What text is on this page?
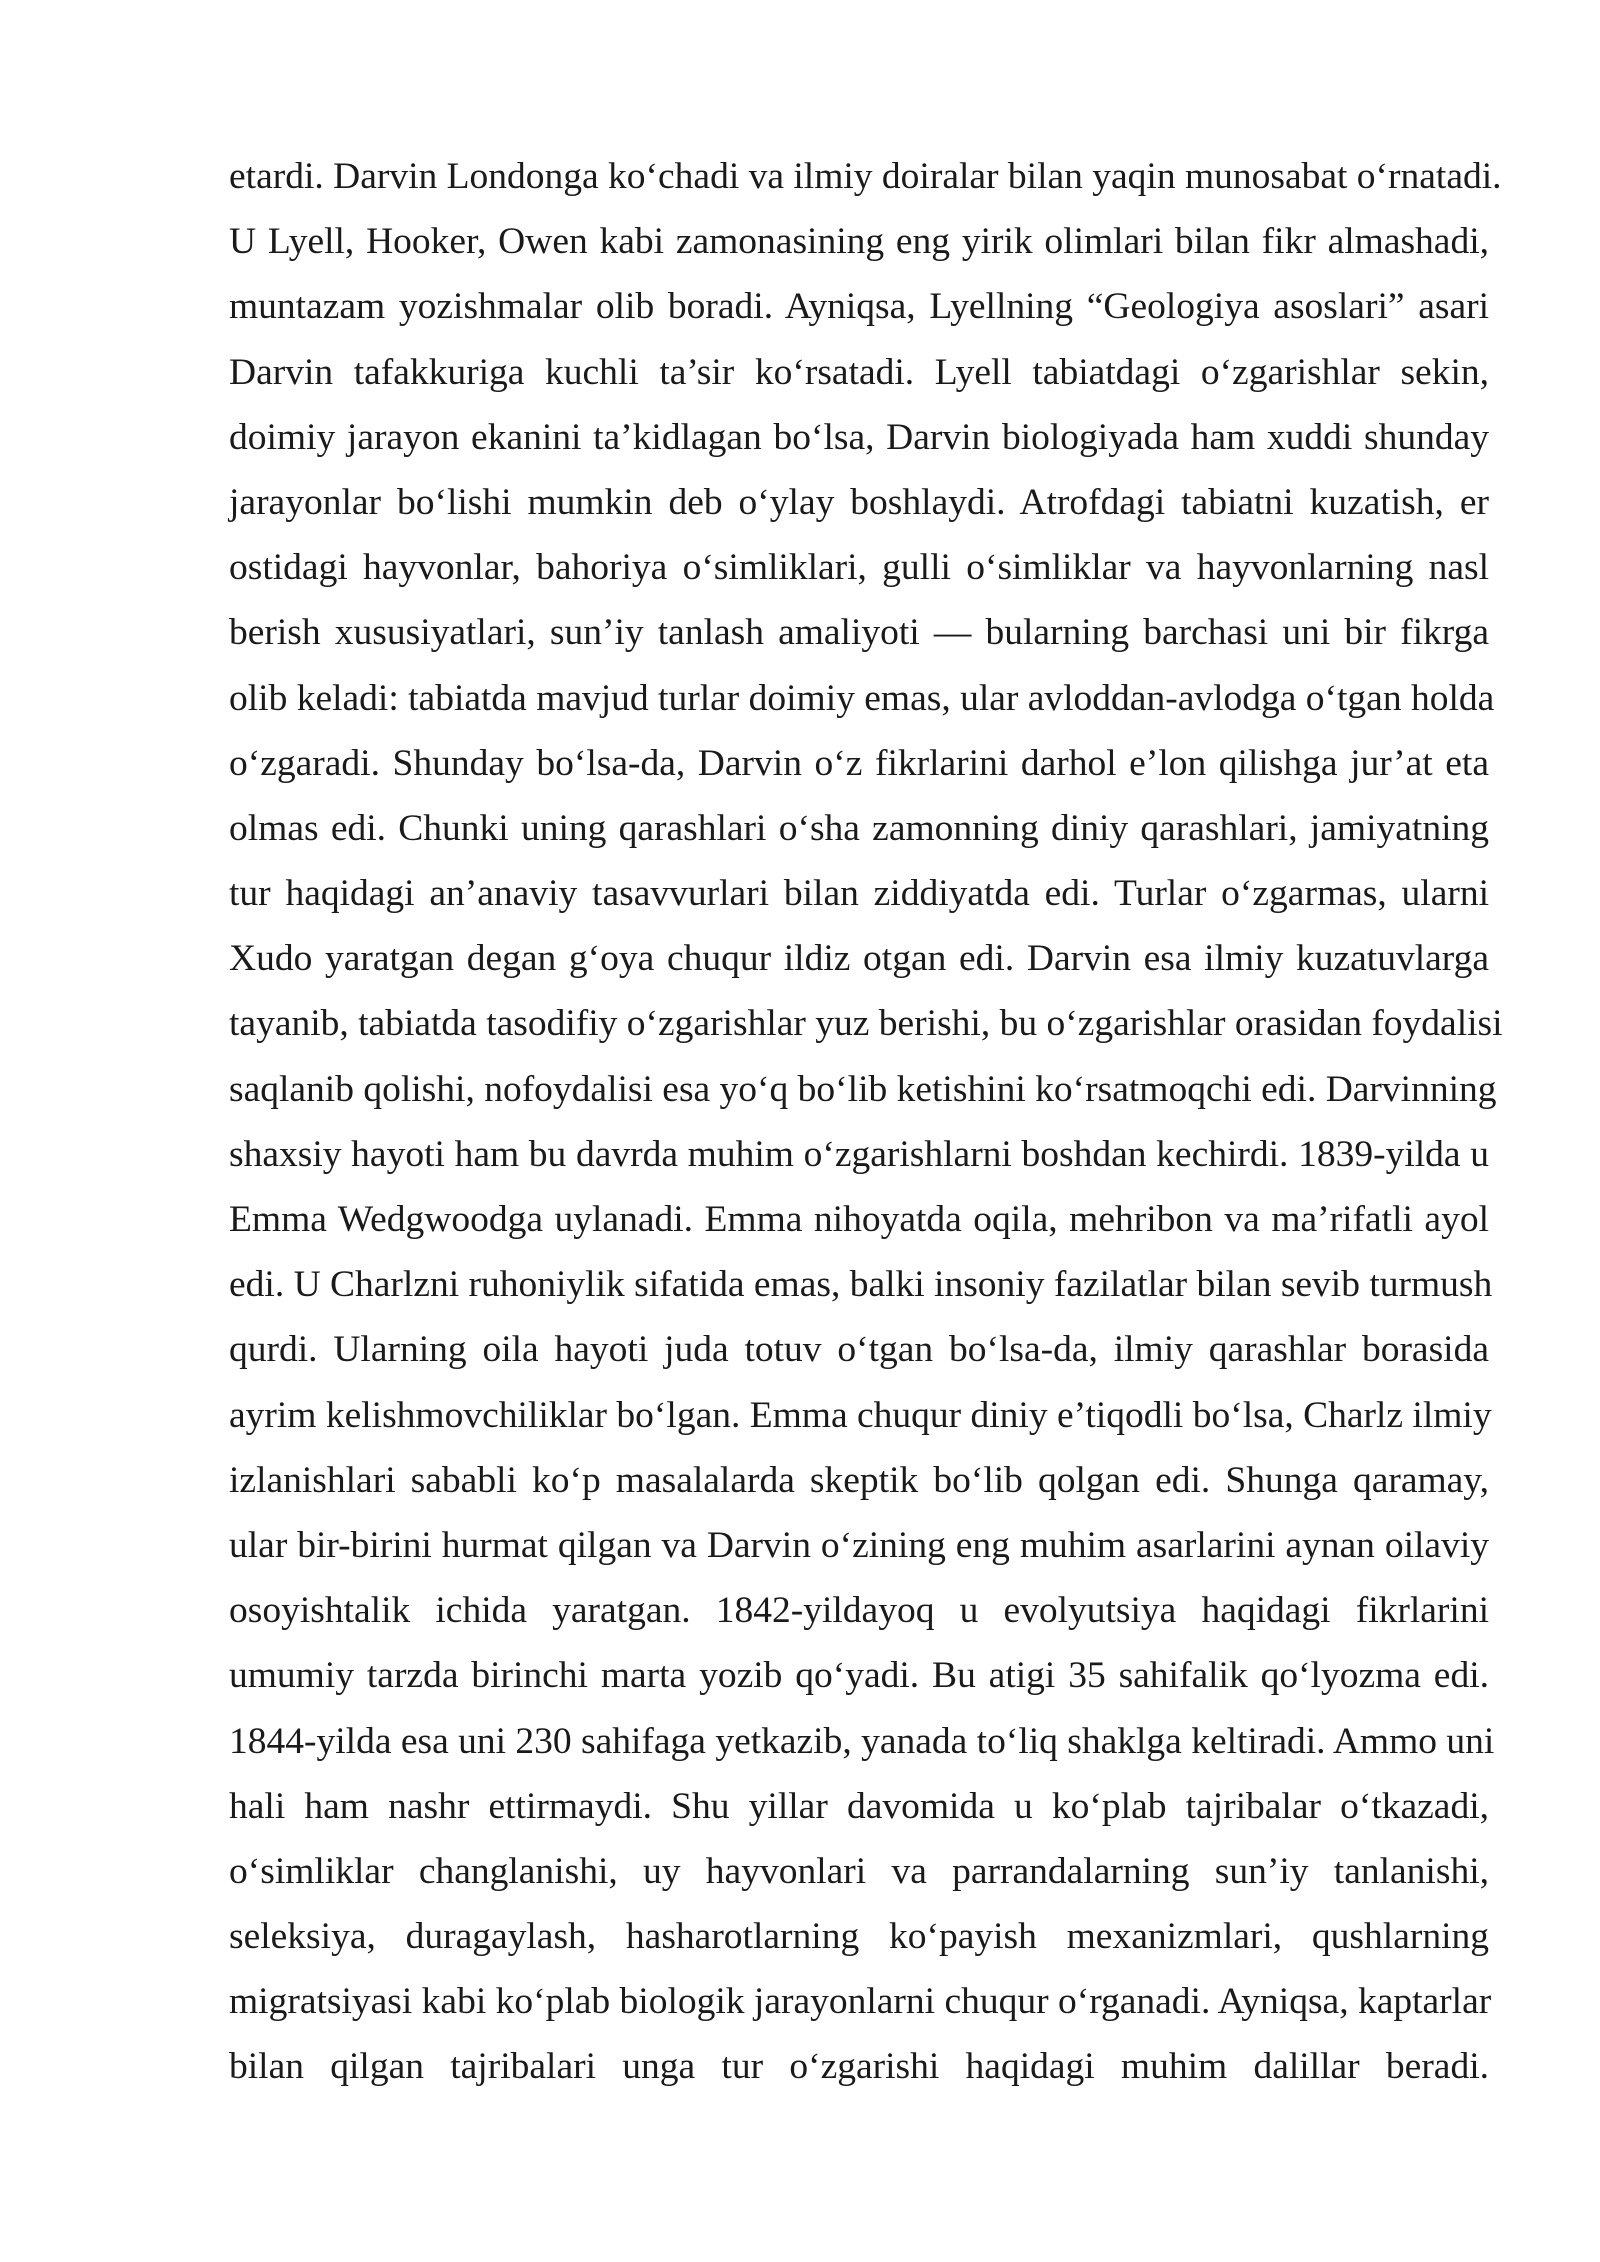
etardi. Darvin Londonga ko‘chadi va ilmiy doiralar bilan yaqin munosabat o‘rnatadi.
U Lyell, Hooker, Owen kabi zamonasining eng yirik olimlari bilan fikr almashadi,
muntazam yozishmalar olib boradi. Ayniqsa, Lyellning “Geologiya asoslari” asari
Darvin tafakkuriga kuchli ta’sir ko‘rsatadi. Lyell tabiatdagi o‘zgarishlar sekin,
doimiy jarayon ekanini ta’kidlagan bo‘lsa, Darvin biologiyada ham xuddi shunday
jarayonlar bo‘lishi mumkin deb o‘ylay boshlaydi. Atrofdagi tabiatni kuzatish, er
ostidagi hayvonlar, bahoriya o‘simliklari, gulli o‘simliklar va hayvonlarning nasl
berish xususiyatlari, sun’iy tanlash amaliyoti — bularning barchasi uni bir fikrga
olib keladi: tabiatda mavjud turlar doimiy emas, ular avloddan-avlodga o‘tgan holda
o‘zgaradi. Shunday bo‘lsa-da, Darvin o‘z fikrlarini darhol e’lon qilishga jur’at eta
olmas edi. Chunki uning qarashlari o‘sha zamonning diniy qarashlari, jamiyatning
tur haqidagi an’anaviy tasavvurlari bilan ziddiyatda edi. Turlar o‘zgarmas, ularni
Xudo yaratgan degan g‘oya chuqur ildiz otgan edi. Darvin esa ilmiy kuzatuvlarga
tayanib, tabiatda tasodifiy o‘zgarishlar yuz berishi, bu o‘zgarishlar orasidan foydalisi
saqlanib qolishi, nofoydalisi esa yo‘q bo‘lib ketishini ko‘rsatmoqchi edi. Darvinning
shaxsiy hayoti ham bu davrda muhim o‘zgarishlarni boshdan kechirdi. 1839-yilda u
Emma Wedgwoodga uylanadi. Emma nihoyatda oqila, mehribon va ma’rifatli ayol
edi. U Charlzni ruhoniylik sifatida emas, balki insoniy fazilatlar bilan sevib turmush
qurdi. Ularning oila hayoti juda totuv o‘tgan bo‘lsa-da, ilmiy qarashlar borasida
ayrim kelishmovchiliklar bo‘lgan. Emma chuqur diniy e’tiqodli bo‘lsa, Charlz ilmiy
izlanishlari sababli ko‘p masalalarda skeptik bo‘lib qolgan edi. Shunga qaramay,
ular bir-birini hurmat qilgan va Darvin o‘zining eng muhim asarlarini aynan oilaviy
osoyishtalik ichida yaratgan. 1842-yildayoq u evolyutsiya haqidagi fikrlarini
umumiy tarzda birinchi marta yozib qo‘yadi. Bu atigi 35 sahifalik qo‘lyozma edi.
1844-yilda esa uni 230 sahifaga yetkazib, yanada to‘liq shaklga keltiradi. Ammo uni
hali ham nashr ettirmaydi. Shu yillar davomida u ko‘plab tajribalar o‘tkazadi,
o‘simliklar changlanishi, uy hayvonlari va parrandalarning sun’iy tanlanishi,
seleksiya, duragaylash, hasharotlarning ko‘payish mexanizmlari, qushlarning
migratsiyasi kabi ko‘plab biologik jarayonlarni chuqur o‘rganadi. Ayniqsa, kaptarlar
bilan qilgan tajribalari unga tur o‘zgarishi haqidagi muhim dalillar beradi.
